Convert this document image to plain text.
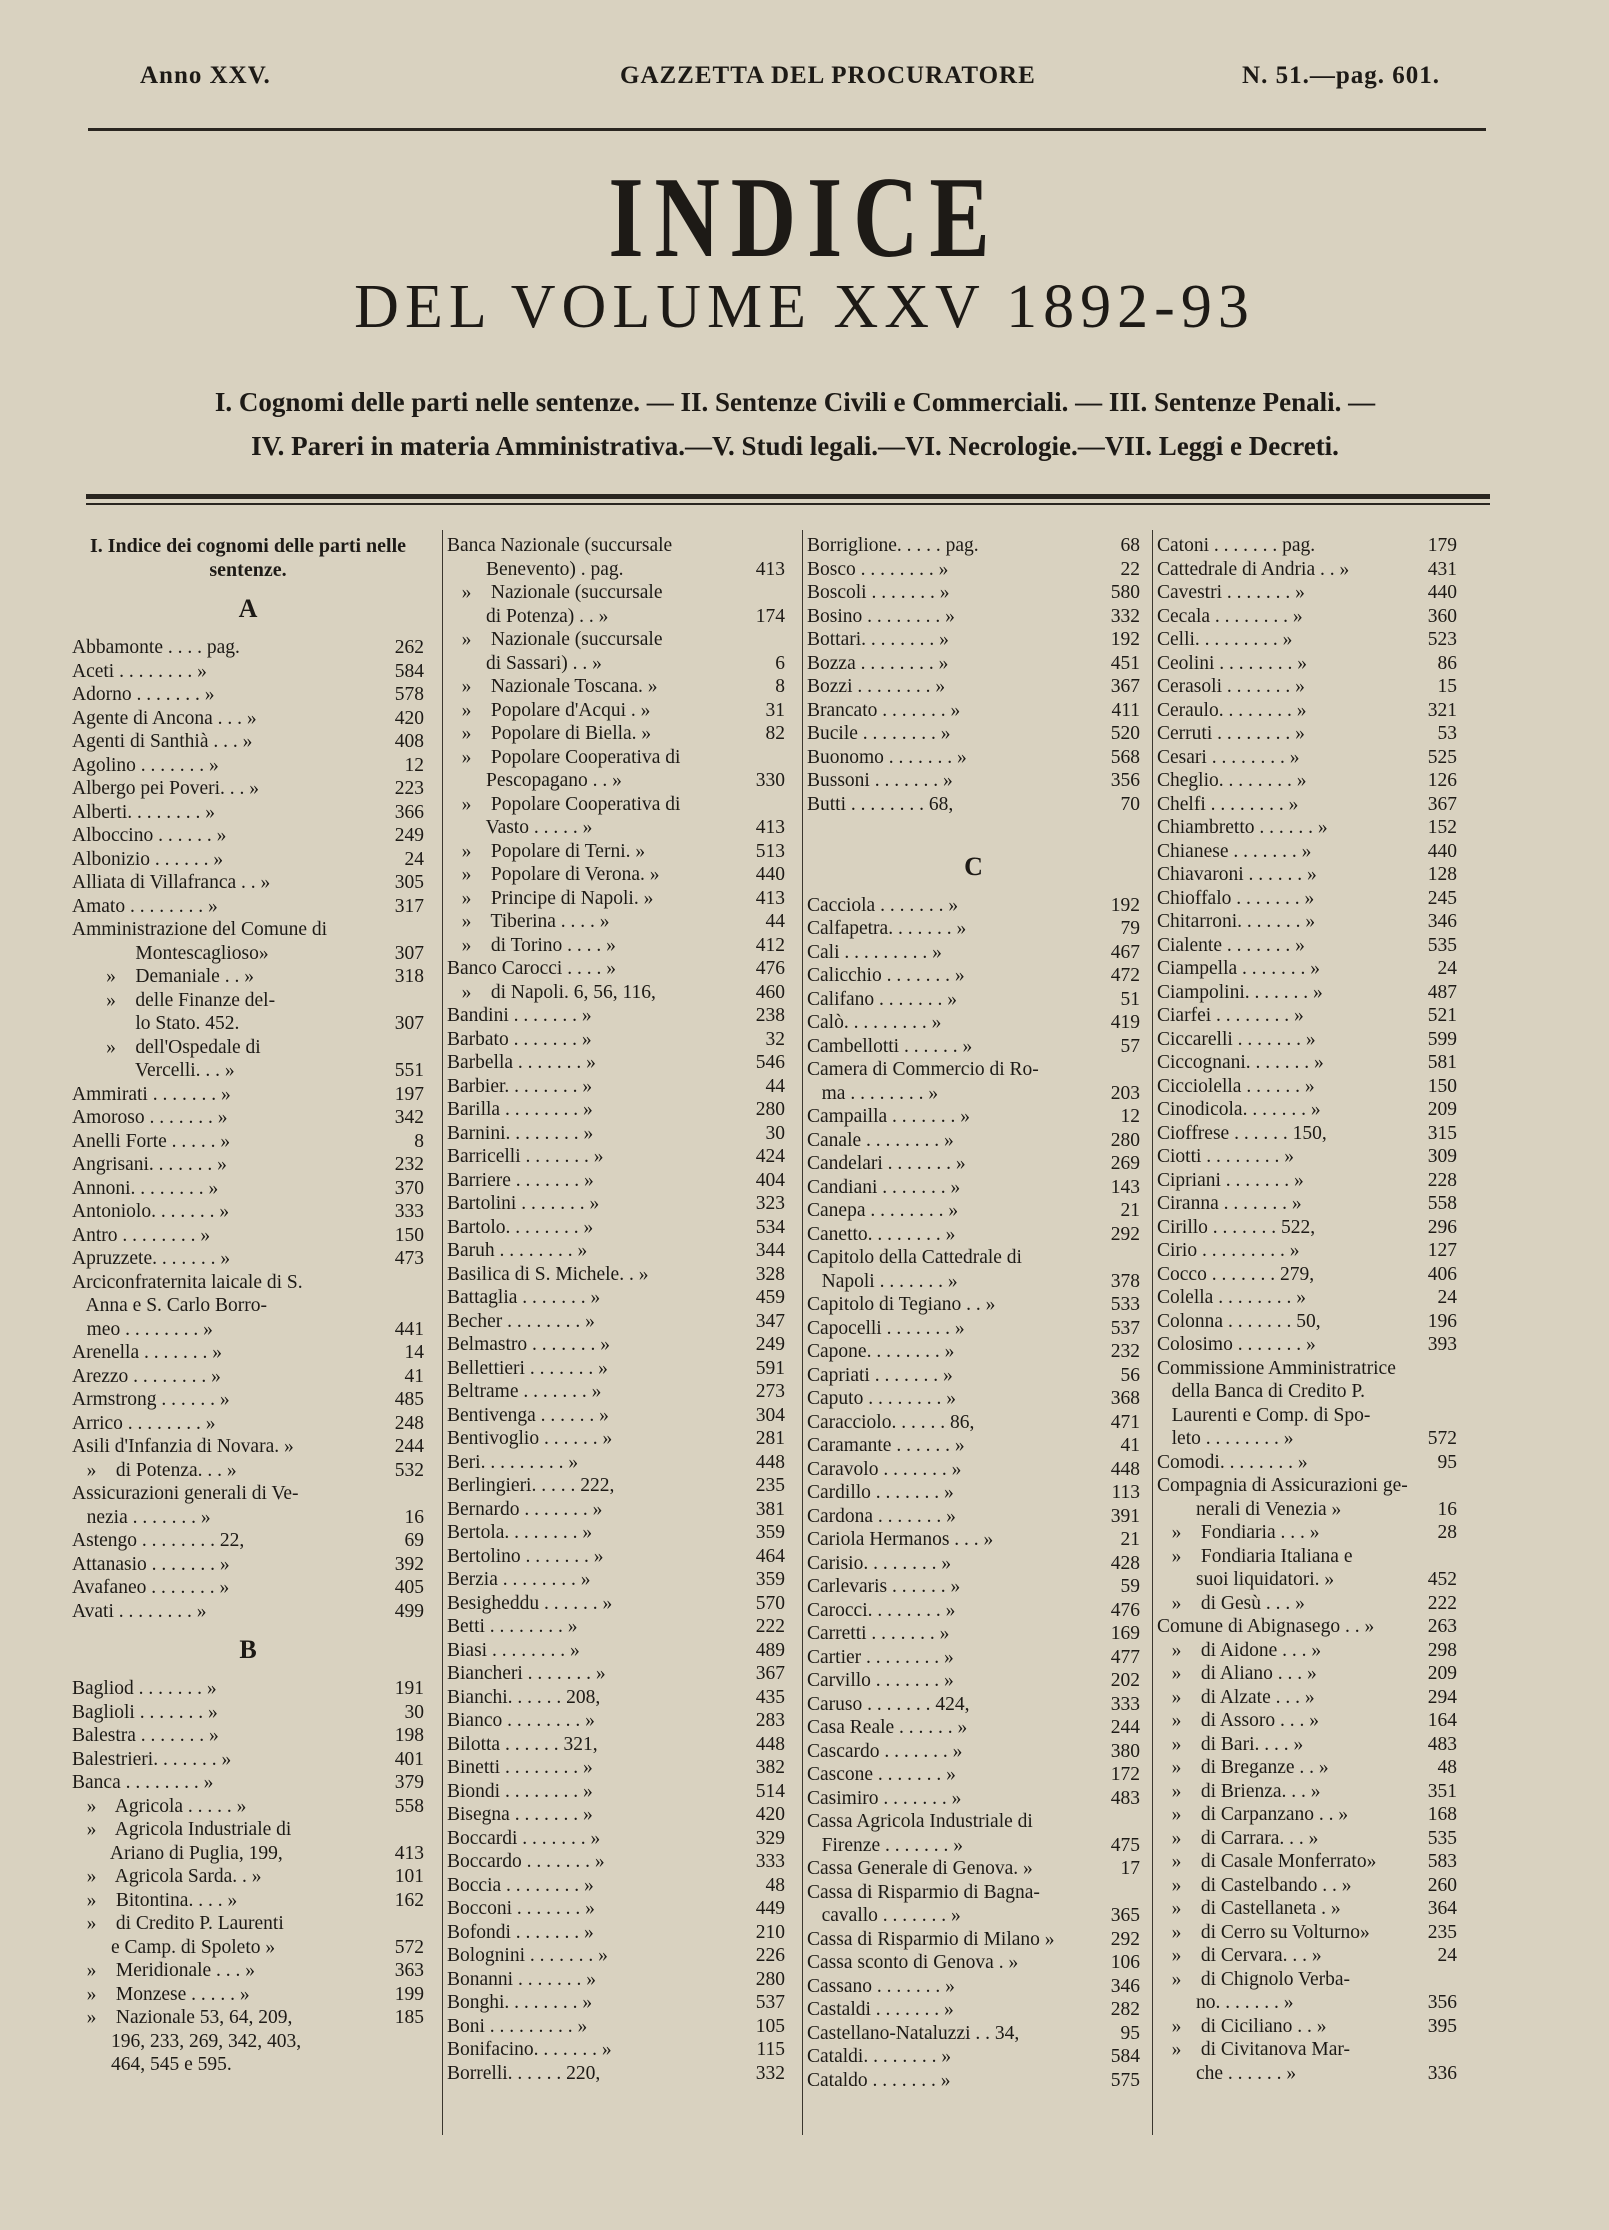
Anno XXV.	GAZZETTA DEL PROCURATORE	N. 51.—pag. 601.
INDICE
DEL VOLUME XXV 1892-93
I. Cognomi delle parti nelle sentenze. — II. Sentenze Civili e Commerciali. — III. Sentenze Penali. —
IV. Pareri in materia Amministrativa.—V. Studi legali.—VI. Necrologie.—VII. Leggi e Decreti.
I. Indice dei cognomi delle parti nelle sentenze.
A
Abbamonte . . . . pag.	262
Aceti . . . . . . . . »	584
Adorno . . . . . . . »	578
Agente di Ancona . . . »	420
Agenti di Santhià . . . »	408
Agolino . . . . . . . »	12
Albergo pei Poveri. . . »	223
Alberti. . . . . . . . »	366
Alboccino . . . . . . »	249
Albonizio . . . . . . »	24
Alliata di Villafranca . . »	305
Amato . . . . . . . . »	317
Amministrazione del Comune di
Montescaglioso»	307
»    Demaniale . . »	318
»    delle Finanze del-
lo Stato. 452.	307
»    dell'Ospedale di
Vercelli. . . »	551
Ammirati . . . . . . . »	197
Amoroso . . . . . . . »	342
Anelli Forte . . . . . »	8
Angrisani. . . . . . . »	232
Annoni. . . . . . . . »	370
Antoniolo. . . . . . . »	333
Antro . . . . . . . . »	150
Apruzzete. . . . . . . »	473
Arciconfraternita laicale di S.
Anna e S. Carlo Borro-
meo . . . . . . . . »	441
Arenella . . . . . . . »	14
Arezzo . . . . . . . . »	41
Armstrong . . . . . . »	485
Arrico . . . . . . . . »	248
Asili d'Infanzia di Novara. »	244
»    di Potenza. . . »	532
Assicurazioni generali di Ve-
nezia . . . . . . . »	16
Astengo . . . . . . . . 22,	69
Attanasio . . . . . . . »	392
Avafaneo . . . . . . . »	405
Avati . . . . . . . . »	499
B
Bagliod . . . . . . . »	191
Baglioli . . . . . . . »	30
Balestra . . . . . . . »	198
Balestrieri. . . . . . . »	401
Banca . . . . . . . . »	379
»    Agricola . . . . . »	558
»    Agricola Industriale di
Ariano di Puglia, 199,	413
»    Agricola Sarda. . »	101
»    Bitontina. . . . »	162
»    di Credito P. Laurenti
e Camp. di Spoleto »	572
»    Meridionale . . . »	363
»    Monzese . . . . . »	199
»    Nazionale 53, 64, 209,	185
196, 233, 269, 342, 403,
464, 545 e 595.
Banca Nazionale (succursale
Benevento) . pag.	413
»    Nazionale (succursale
di Potenza) . . »	174
»    Nazionale (succursale
di Sassari) . . »	6
»    Nazionale Toscana. »	8
»    Popolare d'Acqui . »	31
»    Popolare di Biella. »	82
»    Popolare Cooperativa di
Pescopagano . . »	330
»    Popolare Cooperativa di
Vasto . . . . . »	413
»    Popolare di Terni. »	513
»    Popolare di Verona. »	440
»    Principe di Napoli. »	413
»    Tiberina . . . . »	44
»    di Torino . . . . »	412
Banco Carocci . . . . »	476
»    di Napoli. 6, 56, 116,	460
Bandini . . . . . . . »	238
Barbato . . . . . . . »	32
Barbella . . . . . . . »	546
Barbier. . . . . . . . »	44
Barilla . . . . . . . . »	280
Barnini. . . . . . . . »	30
Barricelli . . . . . . . »	424
Barriere . . . . . . . »	404
Bartolini . . . . . . . »	323
Bartolo. . . . . . . . »	534
Baruh . . . . . . . . »	344
Basilica di S. Michele. . »	328
Battaglia . . . . . . . »	459
Becher . . . . . . . . »	347
Belmastro . . . . . . . »	249
Bellettieri . . . . . . . »	591
Beltrame . . . . . . . »	273
Bentivenga . . . . . . »	304
Bentivoglio . . . . . . »	281
Beri. . . . . . . . . »	448
Berlingieri. . . . . 222,	235
Bernardo . . . . . . . »	381
Bertola. . . . . . . . »	359
Bertolino . . . . . . . »	464
Berzia . . . . . . . . »	359
Besigheddu . . . . . . »	570
Betti . . . . . . . . »	222
Biasi . . . . . . . . »	489
Biancheri . . . . . . . »	367
Bianchi. . . . . . 208,	435
Bianco . . . . . . . . »	283
Bilotta . . . . . . 321,	448
Binetti . . . . . . . . »	382
Biondi . . . . . . . . »	514
Bisegna . . . . . . . »	420
Boccardi . . . . . . . »	329
Boccardo . . . . . . . »	333
Boccia . . . . . . . . »	48
Bocconi . . . . . . . »	449
Bofondi . . . . . . . »	210
Bolognini . . . . . . . »	226
Bonanni . . . . . . . »	280
Bonghi. . . . . . . . »	537
Boni . . . . . . . . . »	105
Bonifacino. . . . . . . »	115
Borrelli. . . . . . 220,	332
Borriglione. . . . . pag.	68
Bosco . . . . . . . . »	22
Boscoli . . . . . . . »	580
Bosino . . . . . . . . »	332
Bottari. . . . . . . . »	192
Bozza . . . . . . . . »	451
Bozzi . . . . . . . . »	367
Brancato . . . . . . . »	411
Bucile . . . . . . . . »	520
Buonomo . . . . . . . »	568
Bussoni . . . . . . . »	356
Butti . . . . . . . . 68,	70
C
Cacciola . . . . . . . »	192
Calfapetra. . . . . . . »	79
Cali . . . . . . . . . »	467
Calicchio . . . . . . . »	472
Califano . . . . . . . »	51
Calò. . . . . . . . . »	419
Cambellotti . . . . . . »	57
Camera di Commercio di Ro-
ma . . . . . . . . »	203
Campailla . . . . . . . »	12
Canale . . . . . . . . »	280
Candelari . . . . . . . »	269
Candiani . . . . . . . »	143
Canepa . . . . . . . . »	21
Canetto. . . . . . . . »	292
Capitolo della Cattedrale di
Napoli . . . . . . . »	378
Capitolo di Tegiano . . »	533
Capocelli . . . . . . . »	537
Capone. . . . . . . . »	232
Capriati . . . . . . . »	56
Caputo . . . . . . . . »	368
Caracciolo. . . . . . 86,	471
Caramante . . . . . . »	41
Caravolo . . . . . . . »	448
Cardillo . . . . . . . »	113
Cardona . . . . . . . »	391
Cariola Hermanos . . . »	21
Carisio. . . . . . . . »	428
Carlevaris . . . . . . »	59
Carocci. . . . . . . . »	476
Carretti . . . . . . . »	169
Cartier . . . . . . . . »	477
Carvillo . . . . . . . »	202
Caruso . . . . . . . 424,	333
Casa Reale . . . . . . »	244
Cascardo . . . . . . . »	380
Cascone . . . . . . . »	172
Casimiro . . . . . . . »	483
Cassa Agricola Industriale di
Firenze . . . . . . . »	475
Cassa Generale di Genova. »	17
Cassa di Risparmio di Bagna-
cavallo . . . . . . . »	365
Cassa di Risparmio di Milano »	292
Cassa sconto di Genova . »	106
Cassano . . . . . . . »	346
Castaldi . . . . . . . »	282
Castellano-Nataluzzi . . 34,	95
Cataldi. . . . . . . . »	584
Cataldo . . . . . . . »	575
Catoni . . . . . . . pag.	179
Cattedrale di Andria . . »	431
Cavestri . . . . . . . »	440
Cecala . . . . . . . . »	360
Celli. . . . . . . . . »	523
Ceolini . . . . . . . . »	86
Cerasoli . . . . . . . »	15
Ceraulo. . . . . . . . »	321
Cerruti . . . . . . . . »	53
Cesari . . . . . . . . »	525
Cheglio. . . . . . . . »	126
Chelfi . . . . . . . . »	367
Chiambretto . . . . . . »	152
Chianese . . . . . . . »	440
Chiavaroni . . . . . . »	128
Chioffalo . . . . . . . »	245
Chitarroni. . . . . . . »	346
Cialente . . . . . . . »	535
Ciampella . . . . . . . »	24
Ciampolini. . . . . . . »	487
Ciarfei . . . . . . . . »	521
Ciccarelli . . . . . . . »	599
Ciccognani. . . . . . . »	581
Cicciolella . . . . . . »	150
Cinodicola. . . . . . . »	209
Cioffrese . . . . . . 150,	315
Ciotti . . . . . . . . »	309
Cipriani . . . . . . . »	228
Ciranna . . . . . . . »	558
Cirillo . . . . . . . 522,	296
Cirio . . . . . . . . . »	127
Cocco . . . . . . . 279,	406
Colella . . . . . . . . »	24
Colonna . . . . . . . 50,	196
Colosimo . . . . . . . »	393
Commissione Amministratrice
della Banca di Credito P.
Laurenti e Comp. di Spo-
leto . . . . . . . . »	572
Comodi. . . . . . . . »	95
Compagnia di Assicurazioni ge-
nerali di Venezia »	16
»    Fondiaria . . . »	28
»    Fondiaria Italiana e
suoi liquidatori. »	452
»    di Gesù . . . »	222
Comune di Abignasego . . »	263
»    di Aidone . . . »	298
»    di Aliano . . . »	209
»    di Alzate . . . »	294
»    di Assoro . . . »	164
»    di Bari. . . . »	483
»    di Breganze . . »	48
»    di Brienza. . . »	351
»    di Carpanzano . . »	168
»    di Carrara. . . »	535
»    di Casale Monferrato»	583
»    di Castelbando . . »	260
»    di Castellaneta . »	364
»    di Cerro su Volturno»	235
»    di Cervara. . . »	24
»    di Chignolo Verba-
no. . . . . . . »	356
»    di Ciciliano . . »	395
»    di Civitanova Mar-
che . . . . . . »	336
